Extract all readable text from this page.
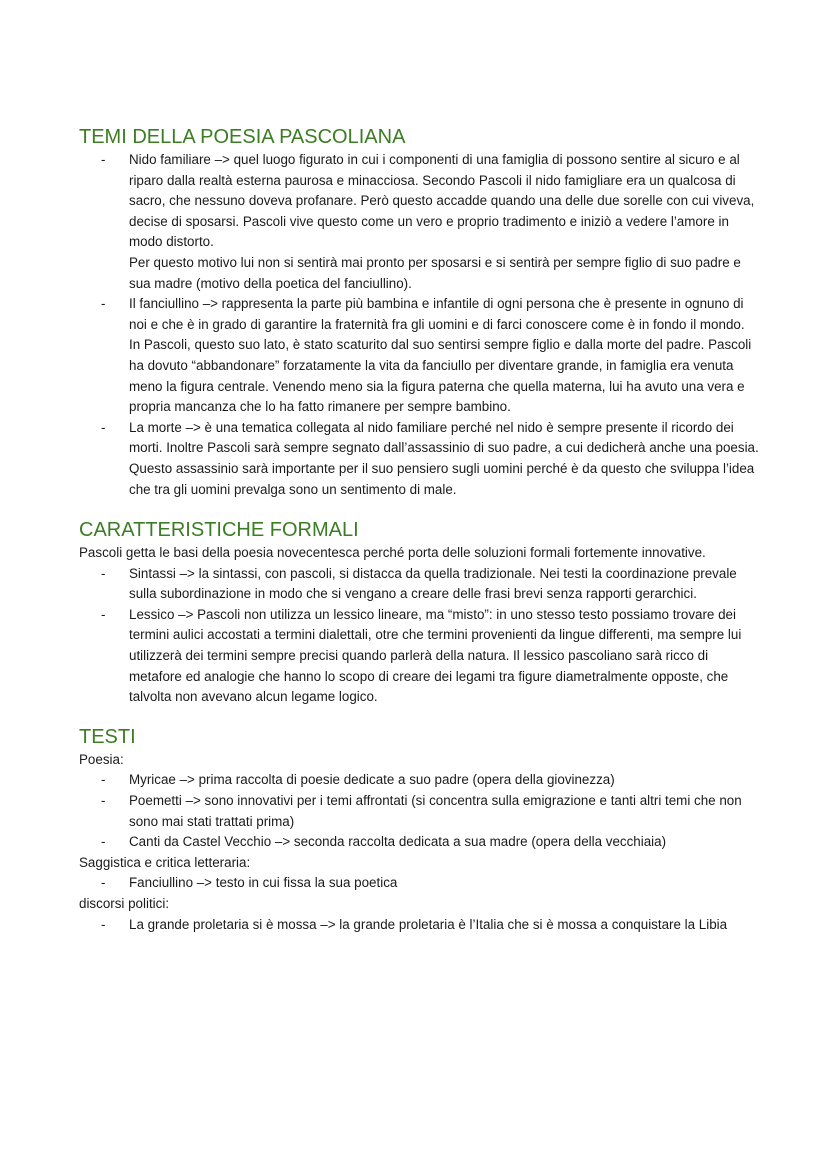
TEMI DELLA POESIA PASCOLIANA
- Nido familiare –> quel luogo figurato in cui i componenti di una famiglia di possono sentire al sicuro e al riparo dalla realtà esterna paurosa e minacciosa. Secondo Pascoli il nido famigliare era un qualcosa di sacro, che nessuno doveva profanare. Però questo accadde quando una delle due sorelle con cui viveva, decise di sposarsi. Pascoli vive questo come un vero e proprio tradimento e iniziò a vedere l’amore in modo distorto.

Per questo motivo lui non si sentirà mai pronto per sposarsi e si sentirà per sempre figlio di suo padre e sua madre (motivo della poetica del fanciullino).

- Il fanciullino –> rappresenta la parte più bambina e infantile di ogni persona che è presente in ognuno di noi e che è in grado di garantire la fraternità fra gli uomini e di farci conoscere come è in fondo il mondo.

In Pascoli, questo suo lato, è stato scaturito dal suo sentirsi sempre figlio e dalla morte del padre. Pascoli ha dovuto “abbandonare” forzatamente la vita da fanciullo per diventare grande, in famiglia era venuta meno la figura centrale. Venendo meno sia la figura paterna che quella materna, lui ha avuto una vera e propria mancanza che lo ha fatto rimanere per sempre bambino.

- La morte –> è una tematica collegata al nido familiare perché nel nido è sempre presente il ricordo dei morti. Inoltre Pascoli sarà sempre segnato dall’assassinio di suo padre, a cui dedicherà anche una poesia. Questo assassinio sarà importante per il suo pensiero sugli uomini perché è da questo che sviluppa l’idea che tra gli uomini prevalga sono un sentimento di male.

CARATTERISTICHE FORMALI

Pascoli getta le basi della poesia novecentesca perché porta delle soluzioni formali fortemente innovative.

- Sintassi –> la sintassi, con pascoli, si distacca da quella tradizionale. Nei testi la coordinazione prevale sulla subordinazione in modo che si vengano a creare delle frasi brevi senza rapporti gerarchici.

- Lessico –> Pascoli non utilizza un lessico lineare, ma “misto”: in uno stesso testo possiamo trovare dei termini aulici accostati a termini dialettali, otre che termini provenienti da lingue differenti, ma sempre lui utilizzerà dei termini sempre precisi quando parlerà della natura. Il lessico pascoliano sarà ricco di metafore ed analogie che hanno lo scopo di creare dei legami tra figure diametralmente opposte, che talvolta non avevano alcun legame logico.

TESTI

Poesia:

- Myricae –> prima raccolta di poesie dedicate a suo padre (opera della giovinezza)

- Poemetti –> sono innovativi per i temi affrontati (si concentra sulla emigrazione e tanti altri temi che non sono mai stati trattati prima)

- Canti da Castel Vecchio –> seconda raccolta dedicata a sua madre (opera della vecchiaia)

Saggistica e critica letteraria:

- Fanciullino –> testo in cui fissa la sua poetica

discorsi politici:

- La grande proletaria si è mossa –> la grande proletaria è l’Italia che si è mossa a conquistare la Libia
